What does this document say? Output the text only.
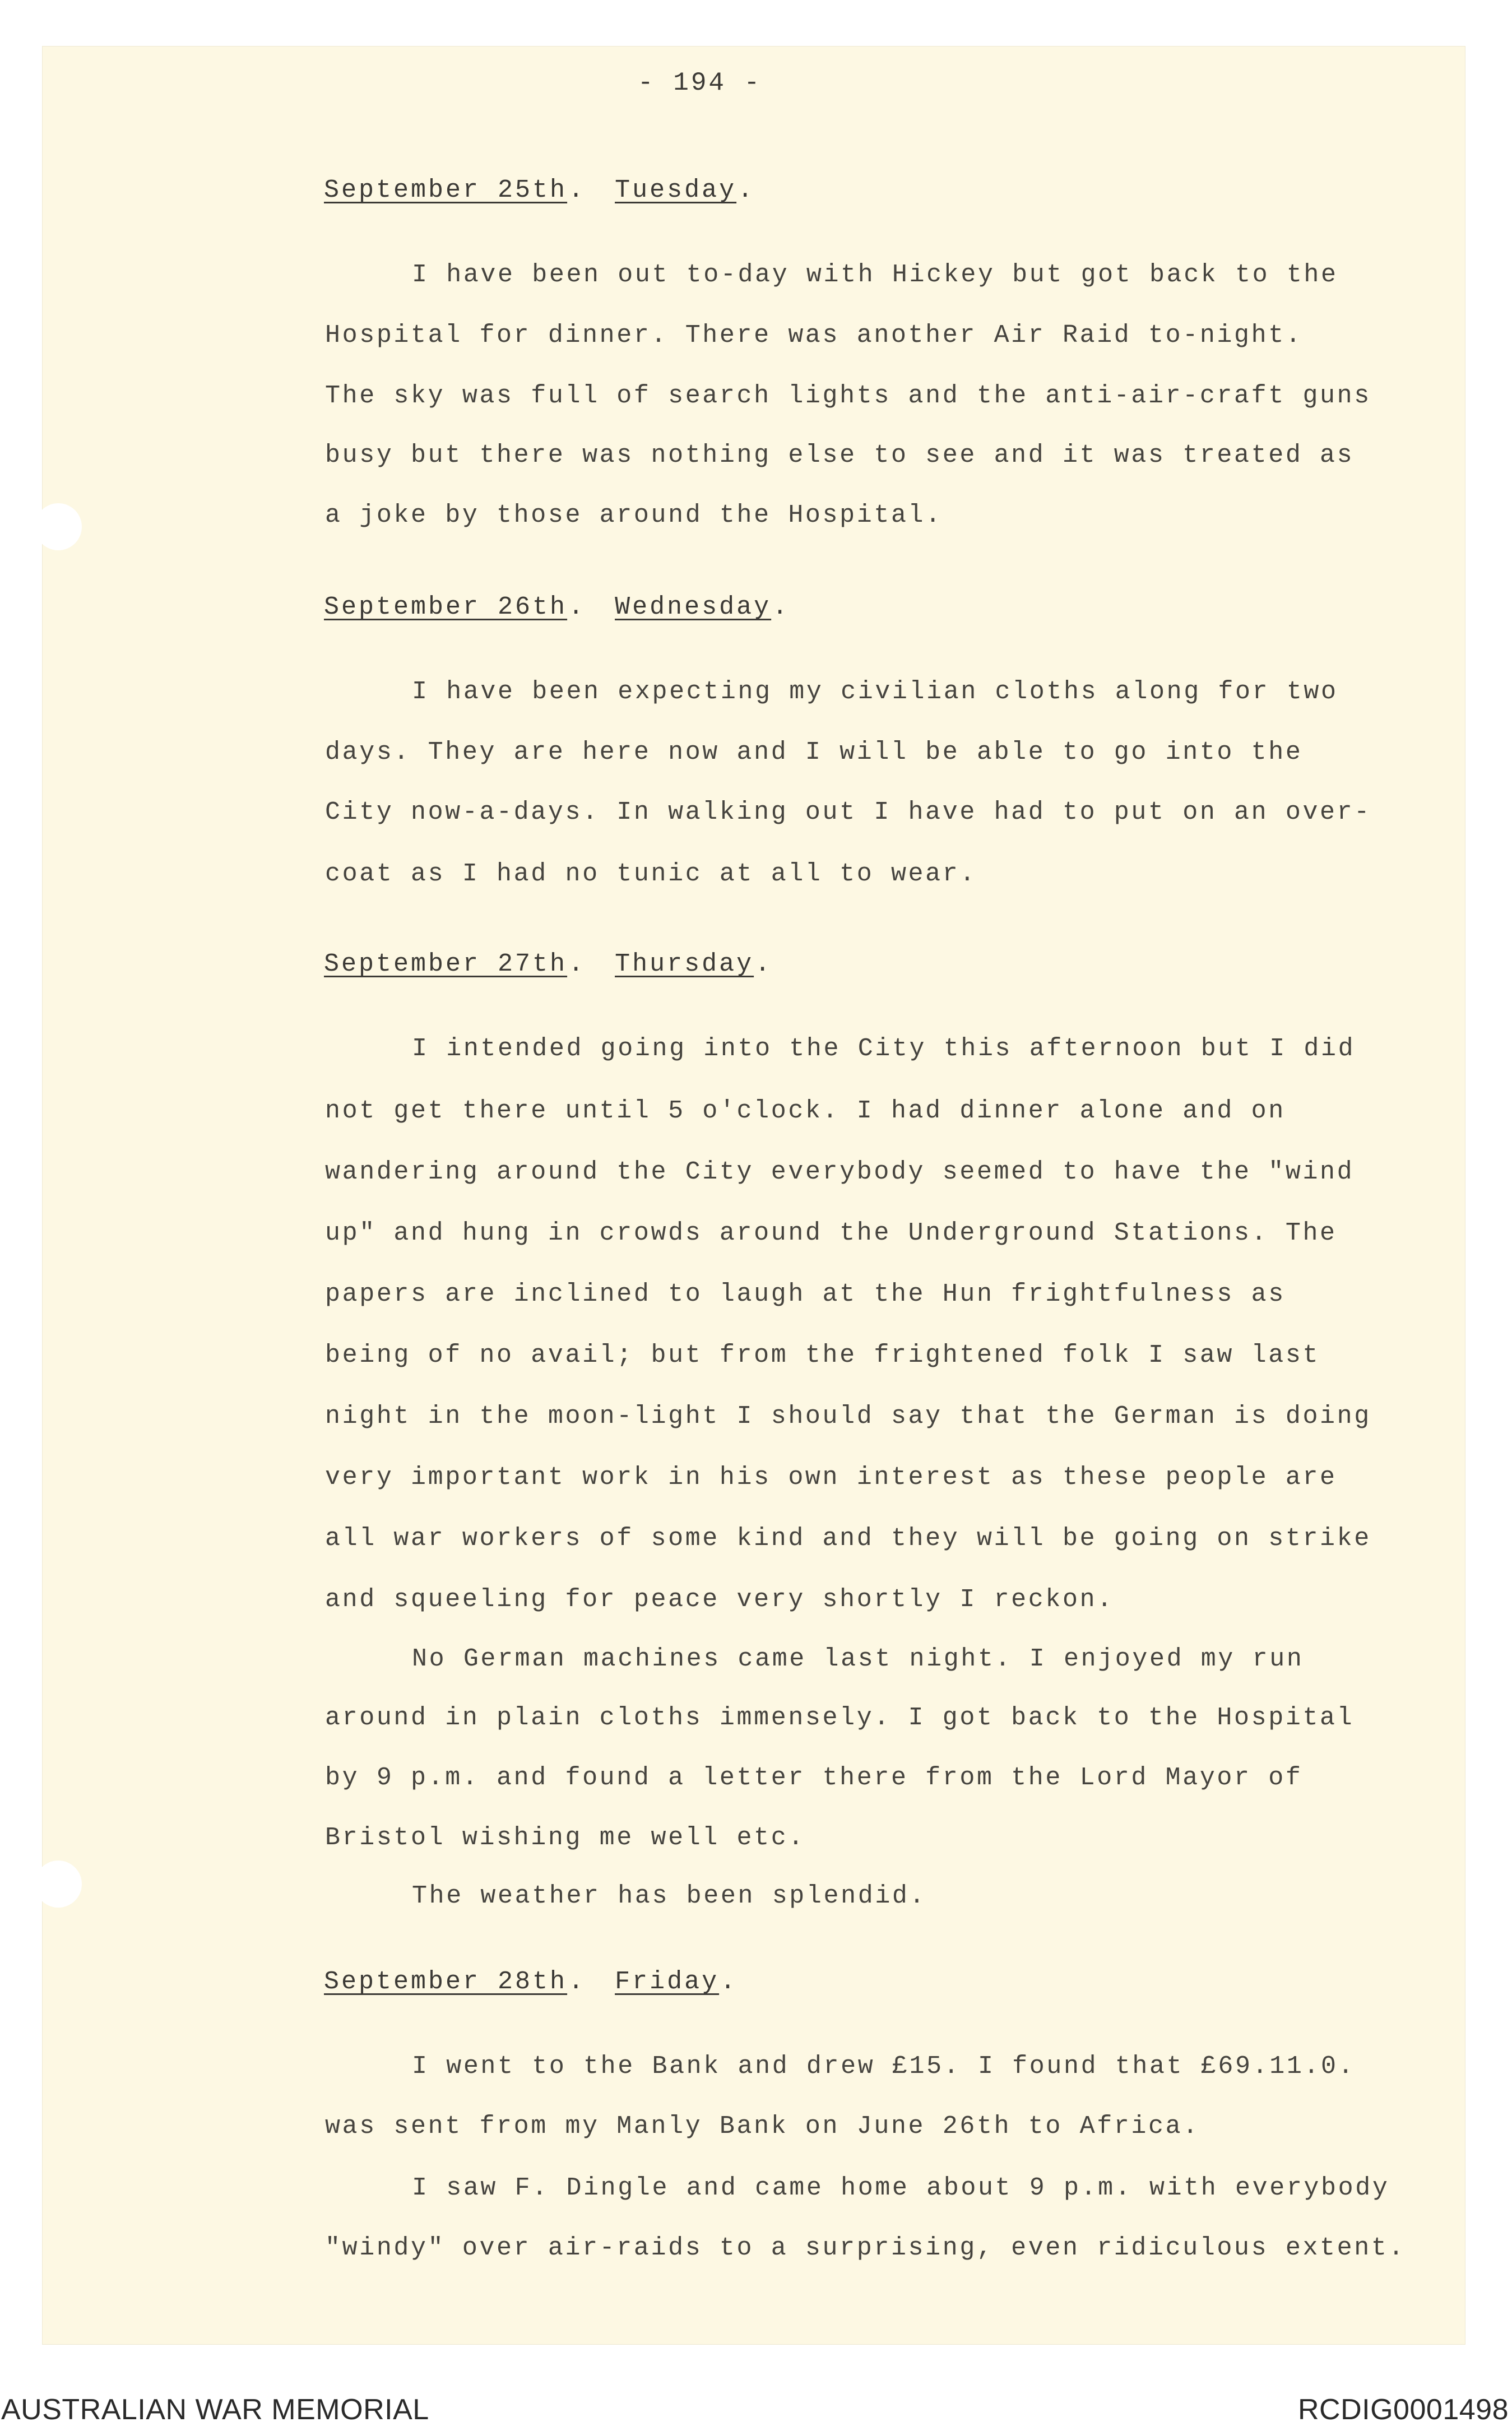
- 194 -
September 25th. Tuesday.
I have been out to-day with Hickey but got back to the
Hospital for dinner. There was another Air Raid to-night.
The sky was full of search lights and the anti-air-craft guns
busy but there was nothing else to see and it was treated as
a joke by those around the Hospital.
September 26th. Wednesday.
I have been expecting my civilian cloths along for two
days. They are here now and I will be able to go into the
City now-a-days. In walking out I have had to put on an over-
coat as I had no tunic at all to wear.
September 27th. Thursday.
I intended going into the City this afternoon but I did
not get there until 5 o'clock. I had dinner alone and on
wandering around the City everybody seemed to have the "wind
up" and hung in crowds around the Underground Stations. The
papers are inclined to laugh at the Hun frightfulness as
being of no avail; but from the frightened folk I saw last
night in the moon-light I should say that the German is doing
very important work in his own interest as these people are
all war workers of some kind and they will be going on strike
and squeeling for peace very shortly I reckon.
No German machines came last night. I enjoyed my run
around in plain cloths immensely. I got back to the Hospital
by 9 p.m. and found a letter there from the Lord Mayor of
Bristol wishing me well etc.
The weather has been splendid.
September 28th. Friday.
I went to the Bank and drew £15. I found that £69.11.0.
was sent from my Manly Bank on June 26th to Africa.
I saw F. Dingle and came home about 9 p.m. with everybody
"windy" over air-raids to a surprising, even ridiculous extent.
AUSTRALIAN WAR MEMORIAL	RCDIG0001498
